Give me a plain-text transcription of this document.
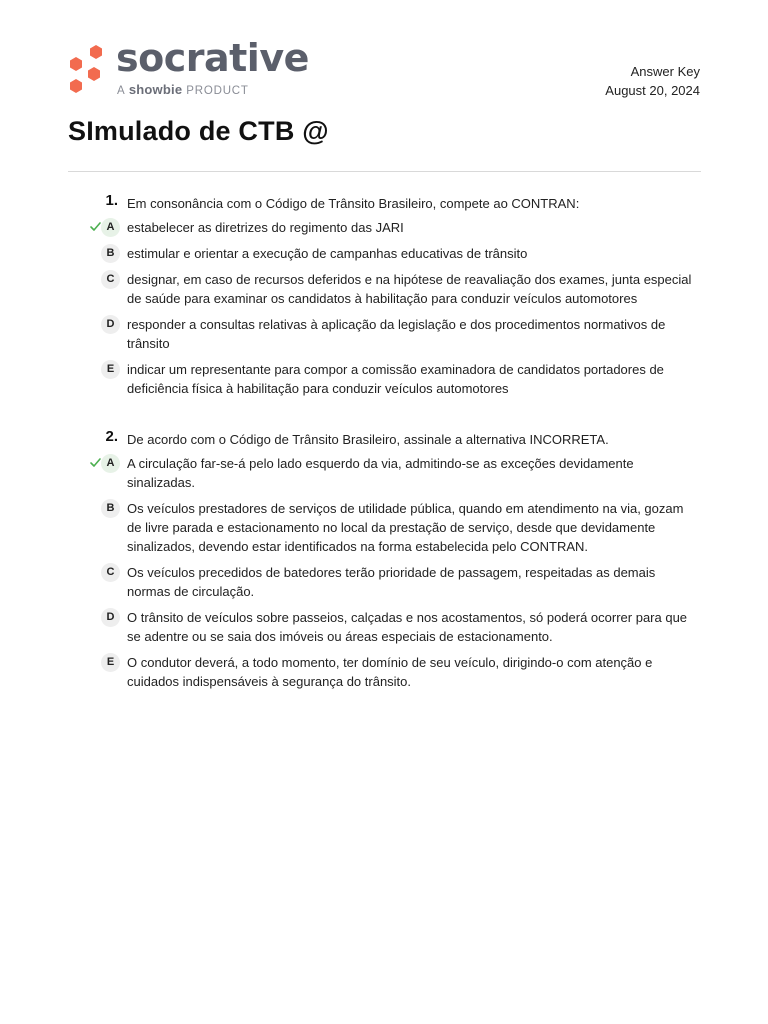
socrative
A showbie PRODUCT
Answer Key
August 20, 2024
SImulado de CTB @
1. Em consonância com o Código de Trânsito Brasileiro, compete ao CONTRAN:
A estabelecer as diretrizes do regimento das JARI
B estimular e orientar a execução de campanhas educativas de trânsito
C designar, em caso de recursos deferidos e na hipótese de reavaliação dos exames, junta especial de saúde para examinar os candidatos à habilitação para conduzir veículos automotores
D responder a consultas relativas à aplicação da legislação e dos procedimentos normativos de trânsito
E indicar um representante para compor a comissão examinadora de candidatos portadores de deficiência física à habilitação para conduzir veículos automotores
2. De acordo com o Código de Trânsito Brasileiro, assinale a alternativa INCORRETA.
A A circulação far-se-á pelo lado esquerdo da via, admitindo-se as exceções devidamente sinalizadas.
B Os veículos prestadores de serviços de utilidade pública, quando em atendimento na via, gozam de livre parada e estacionamento no local da prestação de serviço, desde que devidamente sinalizados, devendo estar identificados na forma estabelecida pelo CONTRAN.
C Os veículos precedidos de batedores terão prioridade de passagem, respeitadas as demais normas de circulação.
D O trânsito de veículos sobre passeios, calçadas e nos acostamentos, só poderá ocorrer para que se adentre ou se saia dos imóveis ou áreas especiais de estacionamento.
E O condutor deverá, a todo momento, ter domínio de seu veículo, dirigindo-o com atenção e cuidados indispensáveis à segurança do trânsito.
